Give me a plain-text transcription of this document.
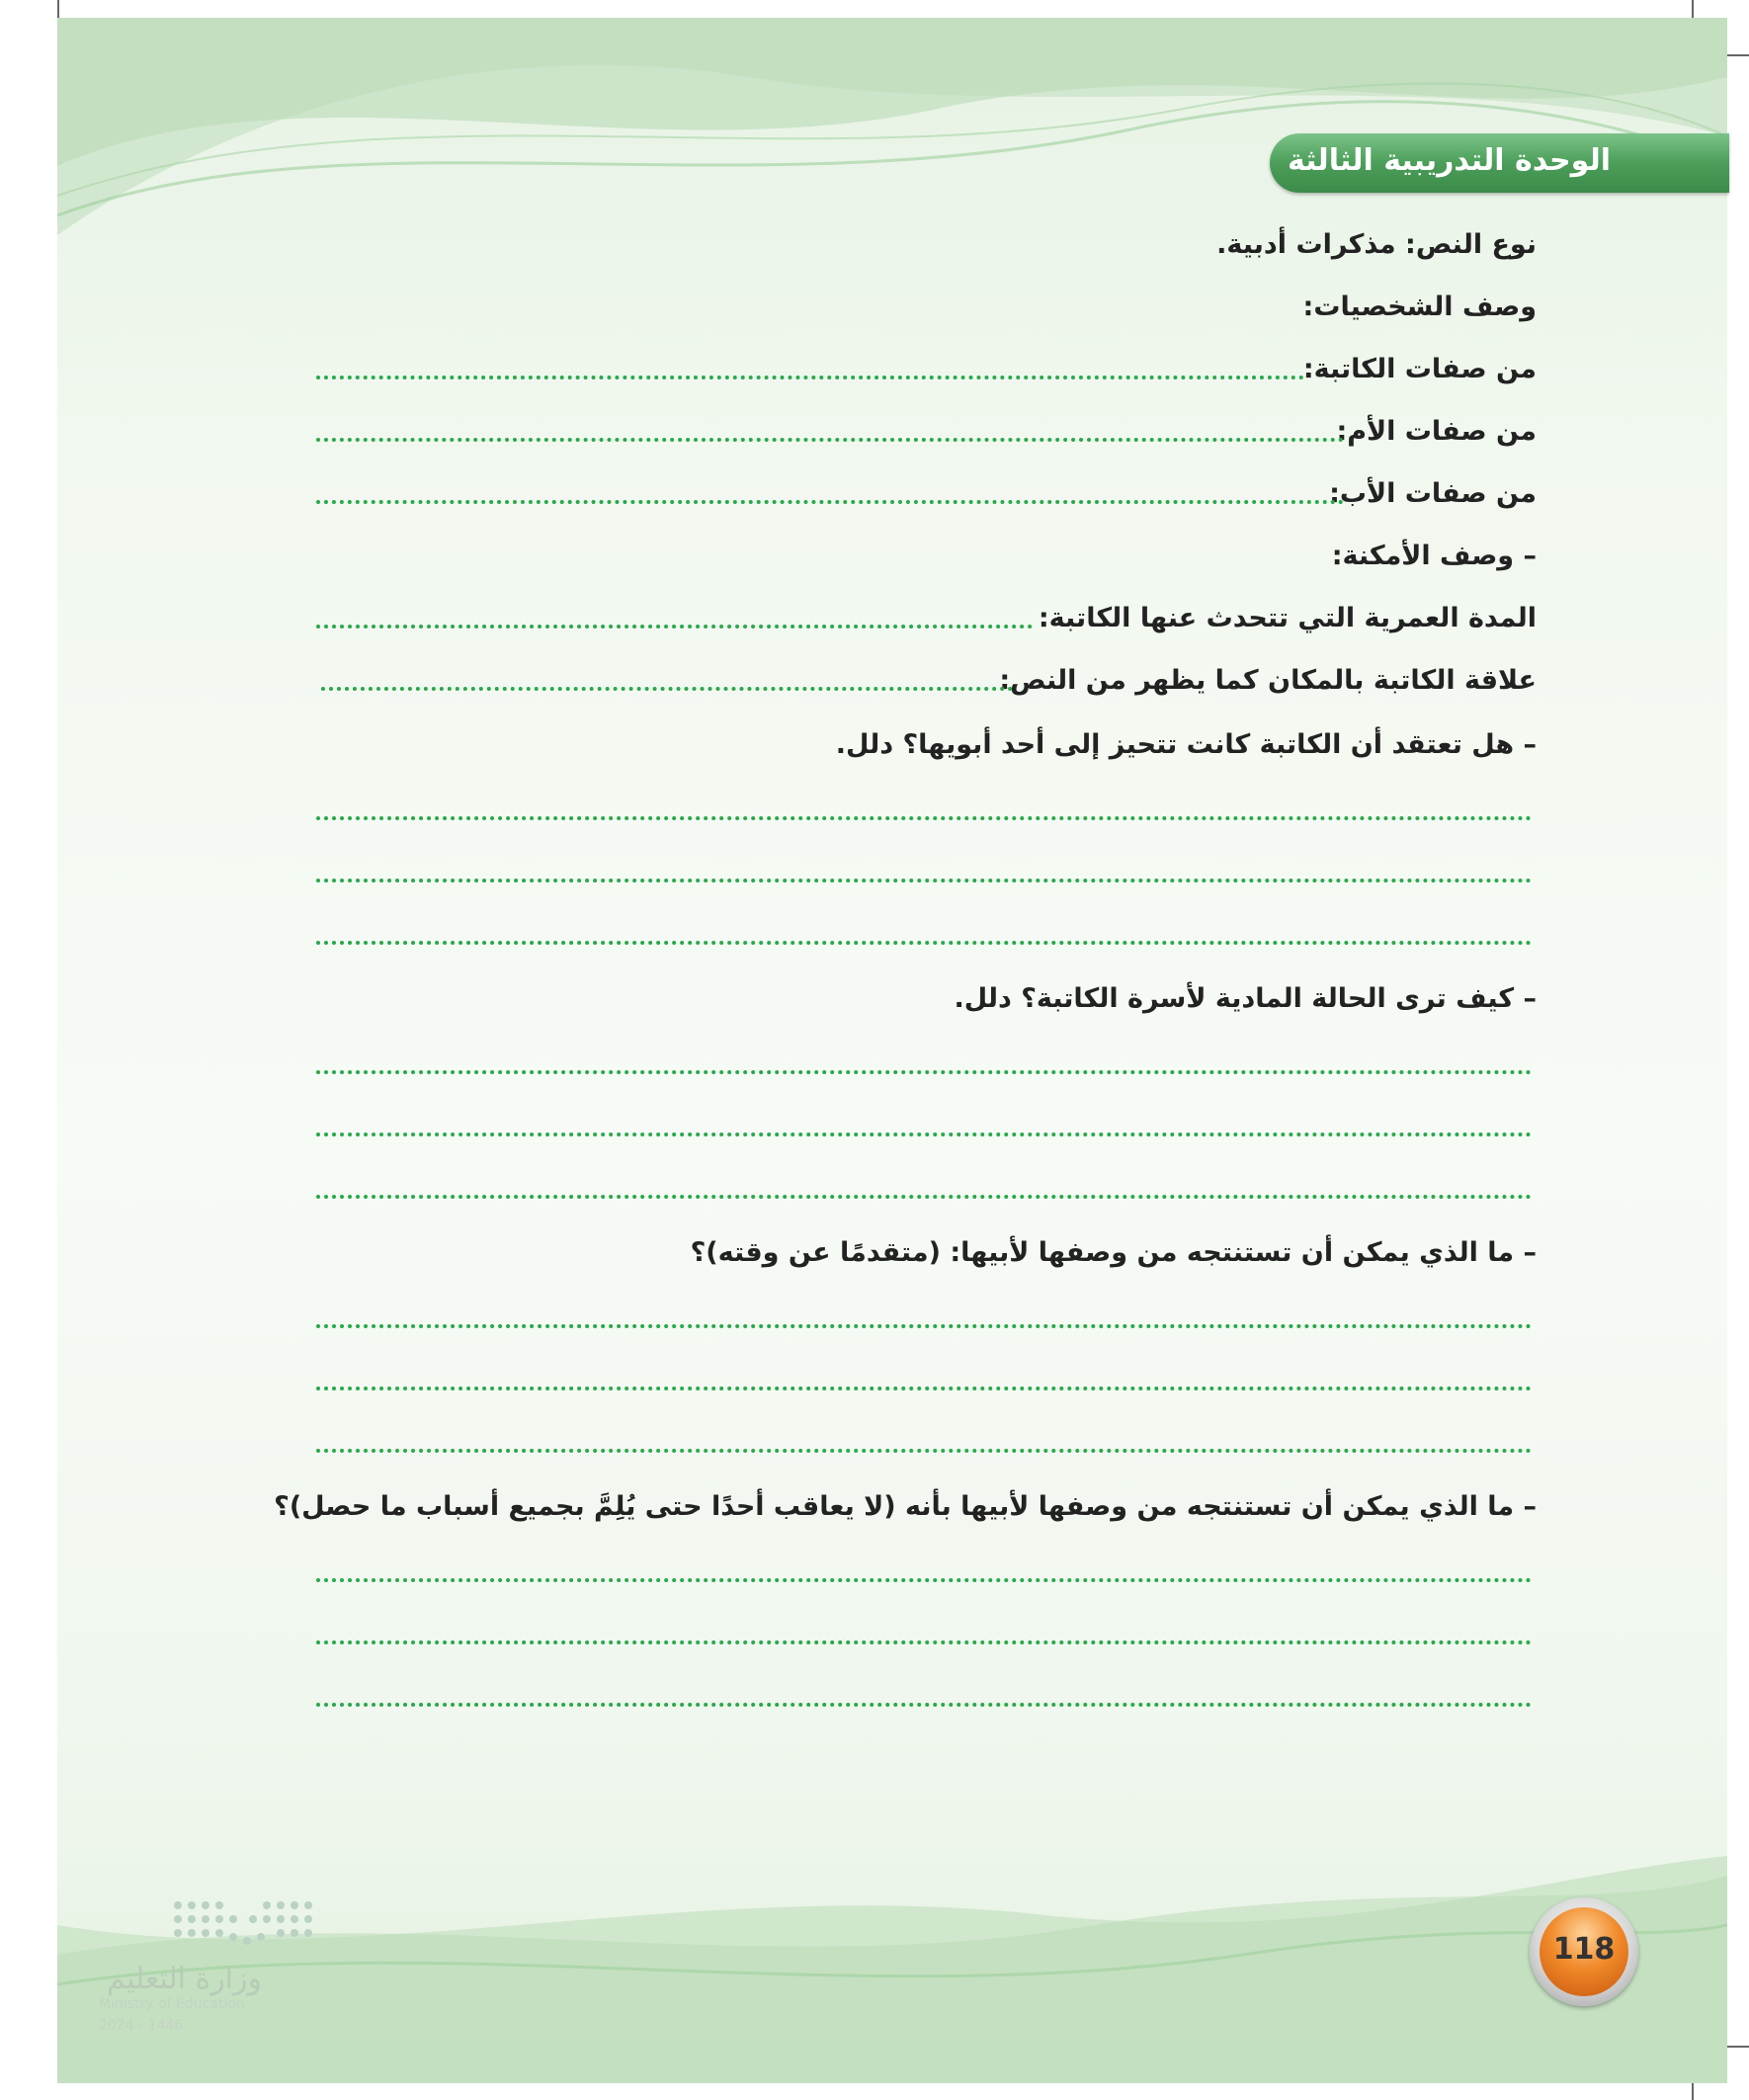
الوحدة التدريبية الثالثة
نوع النص: مذكرات أدبية.
وصف الشخصيات:
من صفات الكاتبة:
من صفات الأم:
من صفات الأب:
– وصف الأمكنة:
المدة العمرية التي تتحدث عنها الكاتبة:
علاقة الكاتبة بالمكان كما يظهر من النص:
– هل تعتقد أن الكاتبة كانت تتحيز إلى أحد أبويها؟ دلل.
– كيف ترى الحالة المادية لأسرة الكاتبة؟ دلل.
– ما الذي يمكن أن تستنتجه من وصفها لأبيها: (متقدمًا عن وقته)؟
– ما الذي يمكن أن تستنتجه من وصفها لأبيها بأنه (لا يعاقب أحدًا حتى يُلِمَّ بجميع أسباب ما حصل)؟
118
وزارة التعليم
Ministry of Education
2024 - 1446
